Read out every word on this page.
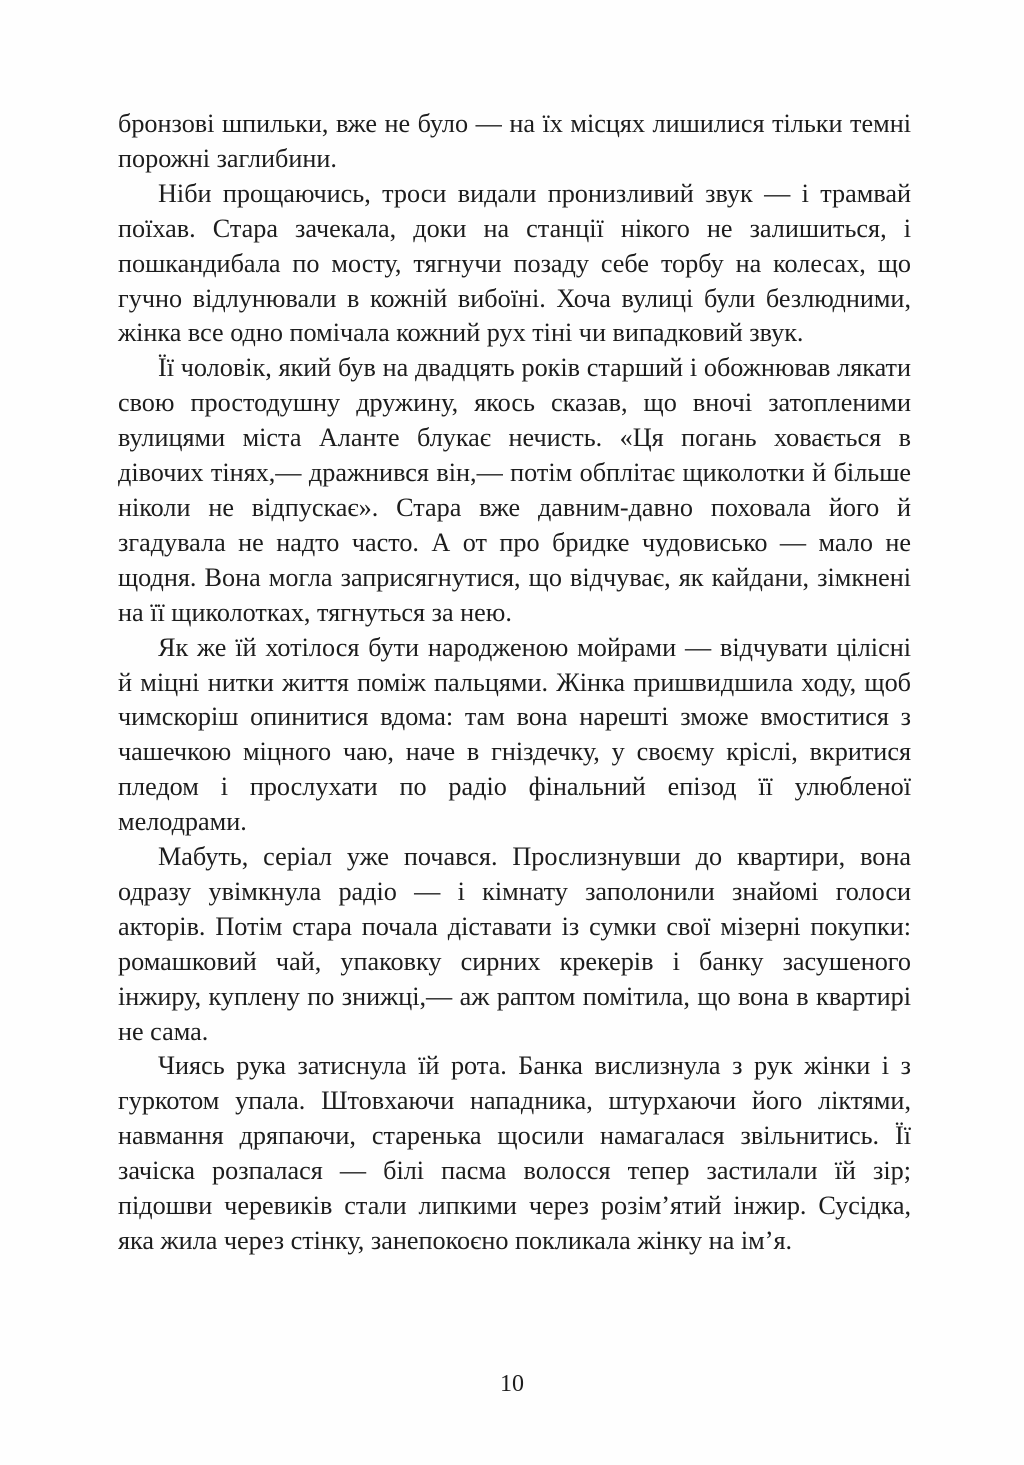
бронзові шпильки, вже не було — на їх місцях лишилися тільки темні порожні заглибини.

Ніби прощаючись, троси видали пронизливий звук — і трамвай поїхав. Стара зачекала, доки на станції нікого не залишиться, і пошкандибала по мосту, тягнучи позаду себе торбу на колесах, що гучно відлунювали в кожній вибоїні. Хоча вулиці були безлюдними, жінка все одно помічала кожний рух тіні чи випадковий звук.

Її чоловік, який був на двадцять років старший і обожнював лякати свою простодушну дружину, якось сказав, що вночі затопленими вулицями міста Аланте блукає нечисть. «Ця погань ховається в дівочих тінях,— дражнився він,— потім обплітає щиколотки й більше ніколи не відпускає». Стара вже давним-давно поховала його й згадувала не надто часто. А от про бридке чудовисько — мало не щодня. Вона могла заприсягнутися, що відчуває, як кайдани, зімкнені на її щиколотках, тягнуться за нею.

Як же їй хотілося бути народженою мойрами — відчувати цілісні й міцні нитки життя поміж пальцями. Жінка пришвидшила ходу, щоб чимскоріш опинитися вдома: там вона нарешті зможе вмоститися з чашечкою міцного чаю, наче в гніздечку, у своєму кріслі, вкритися пледом і прослухати по радіо фінальний епізод її улюбленої мелодрами.

Мабуть, серіал уже почався. Прослизнувши до квартири, вона одразу увімкнула радіо — і кімнату заполонили знайомі голоси акторів. Потім стара почала діставати із сумки свої мізерні покупки: ромашковий чай, упаковку сирних крекерів і банку засушеного інжиру, куплену по знижці,— аж раптом помітила, що вона в квартирі не сама.

Чиясь рука затиснула їй рота. Банка вислизнула з рук жінки і з гуркотом упала. Штовхаючи нападника, штурхаючи його ліктями, навмання дряпаючи, старенька щосили намагалася звільнитись. Її зачіска розпалася — білі пасма волосся тепер застилали їй зір; підошви черевиків стали липкими через розім’ятий інжир. Сусідка, яка жила через стінку, занепокоєно покликала жінку на ім’я.

10
